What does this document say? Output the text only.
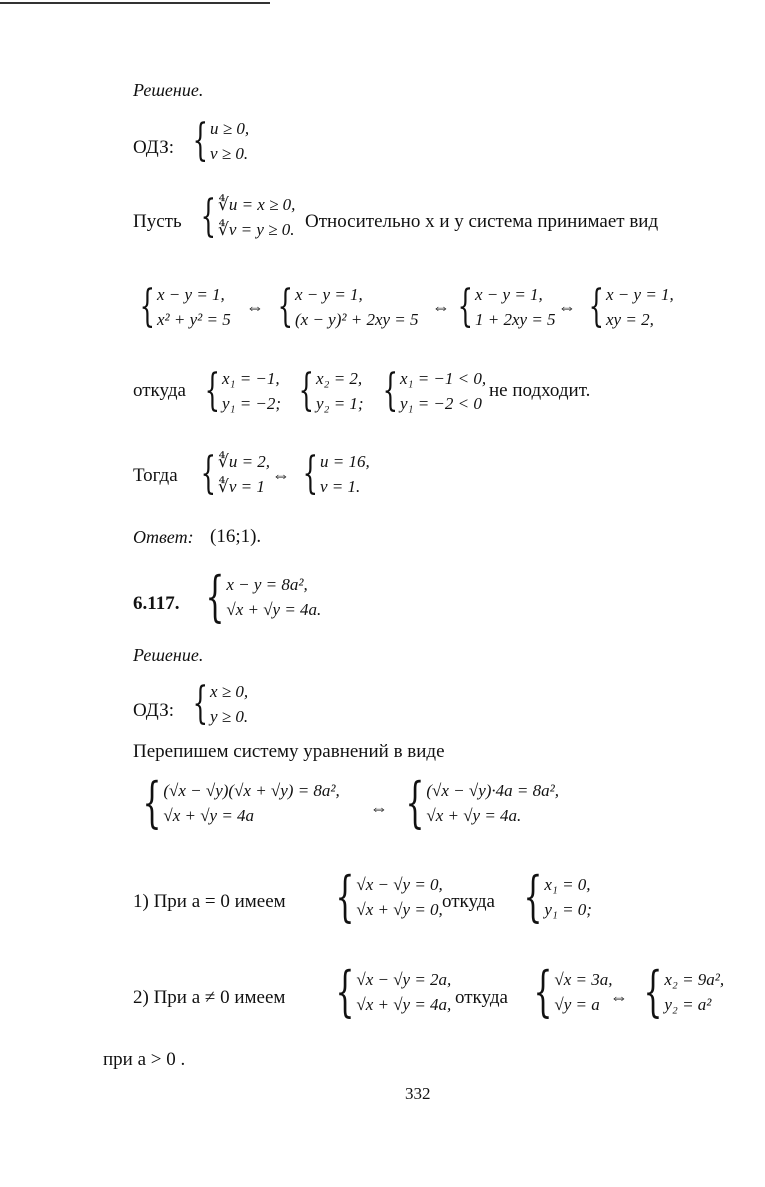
Решение.
ОДЗ: { u ≥ 0,
v ≥ 0.
Пусть { ∜u = x ≥ 0,
∜v = y ≥ 0. Относительно x и y система принимает вид
{ x − y = 1,
x² + y² = 5
⇔ { x − y = 1,
(x − y)² + 2xy = 5
⇔ { x − y = 1,
1 + 2xy = 5
⇔ { x − y = 1,
xy = 2,
откуда { x₁ = −1,
y₁ = −2; { x₂ = 2,
y₂ = 1; { x₁ = −1 < 0,
y₁ = −2 < 0
не подходит.
Тогда { ∜u = 2,
∜v = 1
⇔ { u = 16,
v = 1.
Ответ: (16;1).
6.117. { x − y = 8a²,
√x + √y = 4a.
Решение.
ОДЗ: { x ≥ 0,
y ≥ 0.
Перепишем систему уравнений в виде
{ (√x − √y)(√x + √y) = 8a²,
√x + √y = 4a	⇔ { (√x − √y)·4a = 8a²,
√x + √y = 4a.
1) При a = 0 имеем { √x − √y = 0,
√x + √y = 0, откуда { x₁ = 0,
y₁ = 0;
2) При a ≠ 0 имеем { √x − √y = 2a,
√x + √y = 4a, откуда { √x = 3a,
√y = a ⇔ { x₂ = 9a²,
y₂ = a²
при a > 0 .
332
